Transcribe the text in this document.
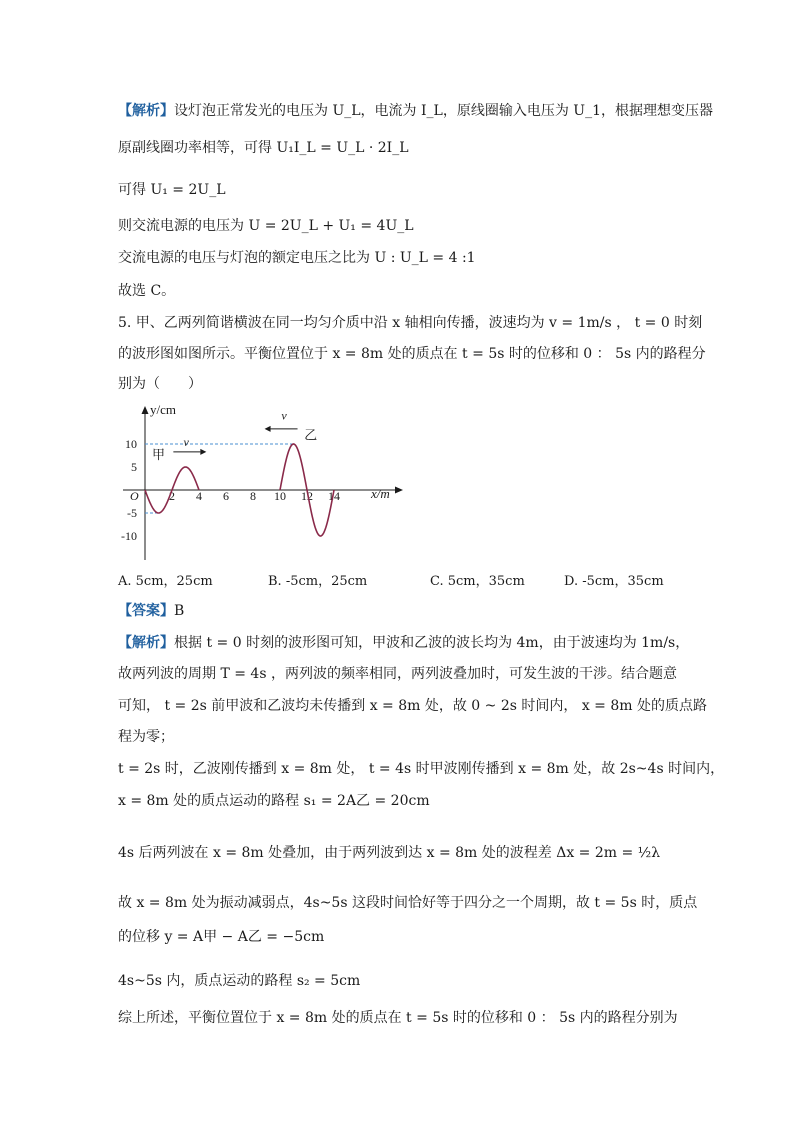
【解析】设灯泡正常发光的电压为 U_L，电流为 I_L，原线圈输入电压为 U_1，根据理想变压器
原副线圈功率相等，可得 U₁I_L = U_L · 2I_L
可得 U₁ = 2U_L
则交流电源的电压为 U = 2U_L + U₁ = 4U_L
交流电源的电压与灯泡的额定电压之比为 U : U_L = 4 :1
故选 C。
5. 甲、乙两列简谐横波在同一均匀介质中沿 x 轴相向传播，波速均为 v = 1m/s ， t = 0 时刻
的波形图如图所示。平衡位置位于 x = 8m 处的质点在 t = 5s 时的位移和 0 ： 5s 内的路程分
别为（　　）
y/cm
x/m
O	2 4 6 8 10 12 14
10
5
-5
-10
甲
v	乙
v
A. 5cm，25cm	B. -5cm，25cm	C. 5cm，35cm	D. -5cm，35cm
【答案】B
【解析】根据 t = 0 时刻的波形图可知，甲波和乙波的波长均为 4m，由于波速均为 1m/s，
故两列波的周期 T = 4s ，两列波的频率相同，两列波叠加时，可发生波的干涉。结合题意
可知， t = 2s 前甲波和乙波均未传播到 x = 8m 处，故 0 ~ 2s 时间内， x = 8m 处的质点路
程为零；
t = 2s 时，乙波刚传播到 x = 8m 处， t = 4s 时甲波刚传播到 x = 8m 处，故 2s~4s 时间内，
x = 8m 处的质点运动的路程 s₁ = 2A乙 = 20cm
4s 后两列波在 x = 8m 处叠加，由于两列波到达 x = 8m 处的波程差 Δx = 2m = ½λ
故 x = 8m 处为振动减弱点，4s~5s 这段时间恰好等于四分之一个周期，故 t = 5s 时，质点
的位移 y = A甲 − A乙 = −5cm
4s~5s 内，质点运动的路程 s₂ = 5cm
综上所述，平衡位置位于 x = 8m 处的质点在 t = 5s 时的位移和 0 ： 5s 内的路程分别为
